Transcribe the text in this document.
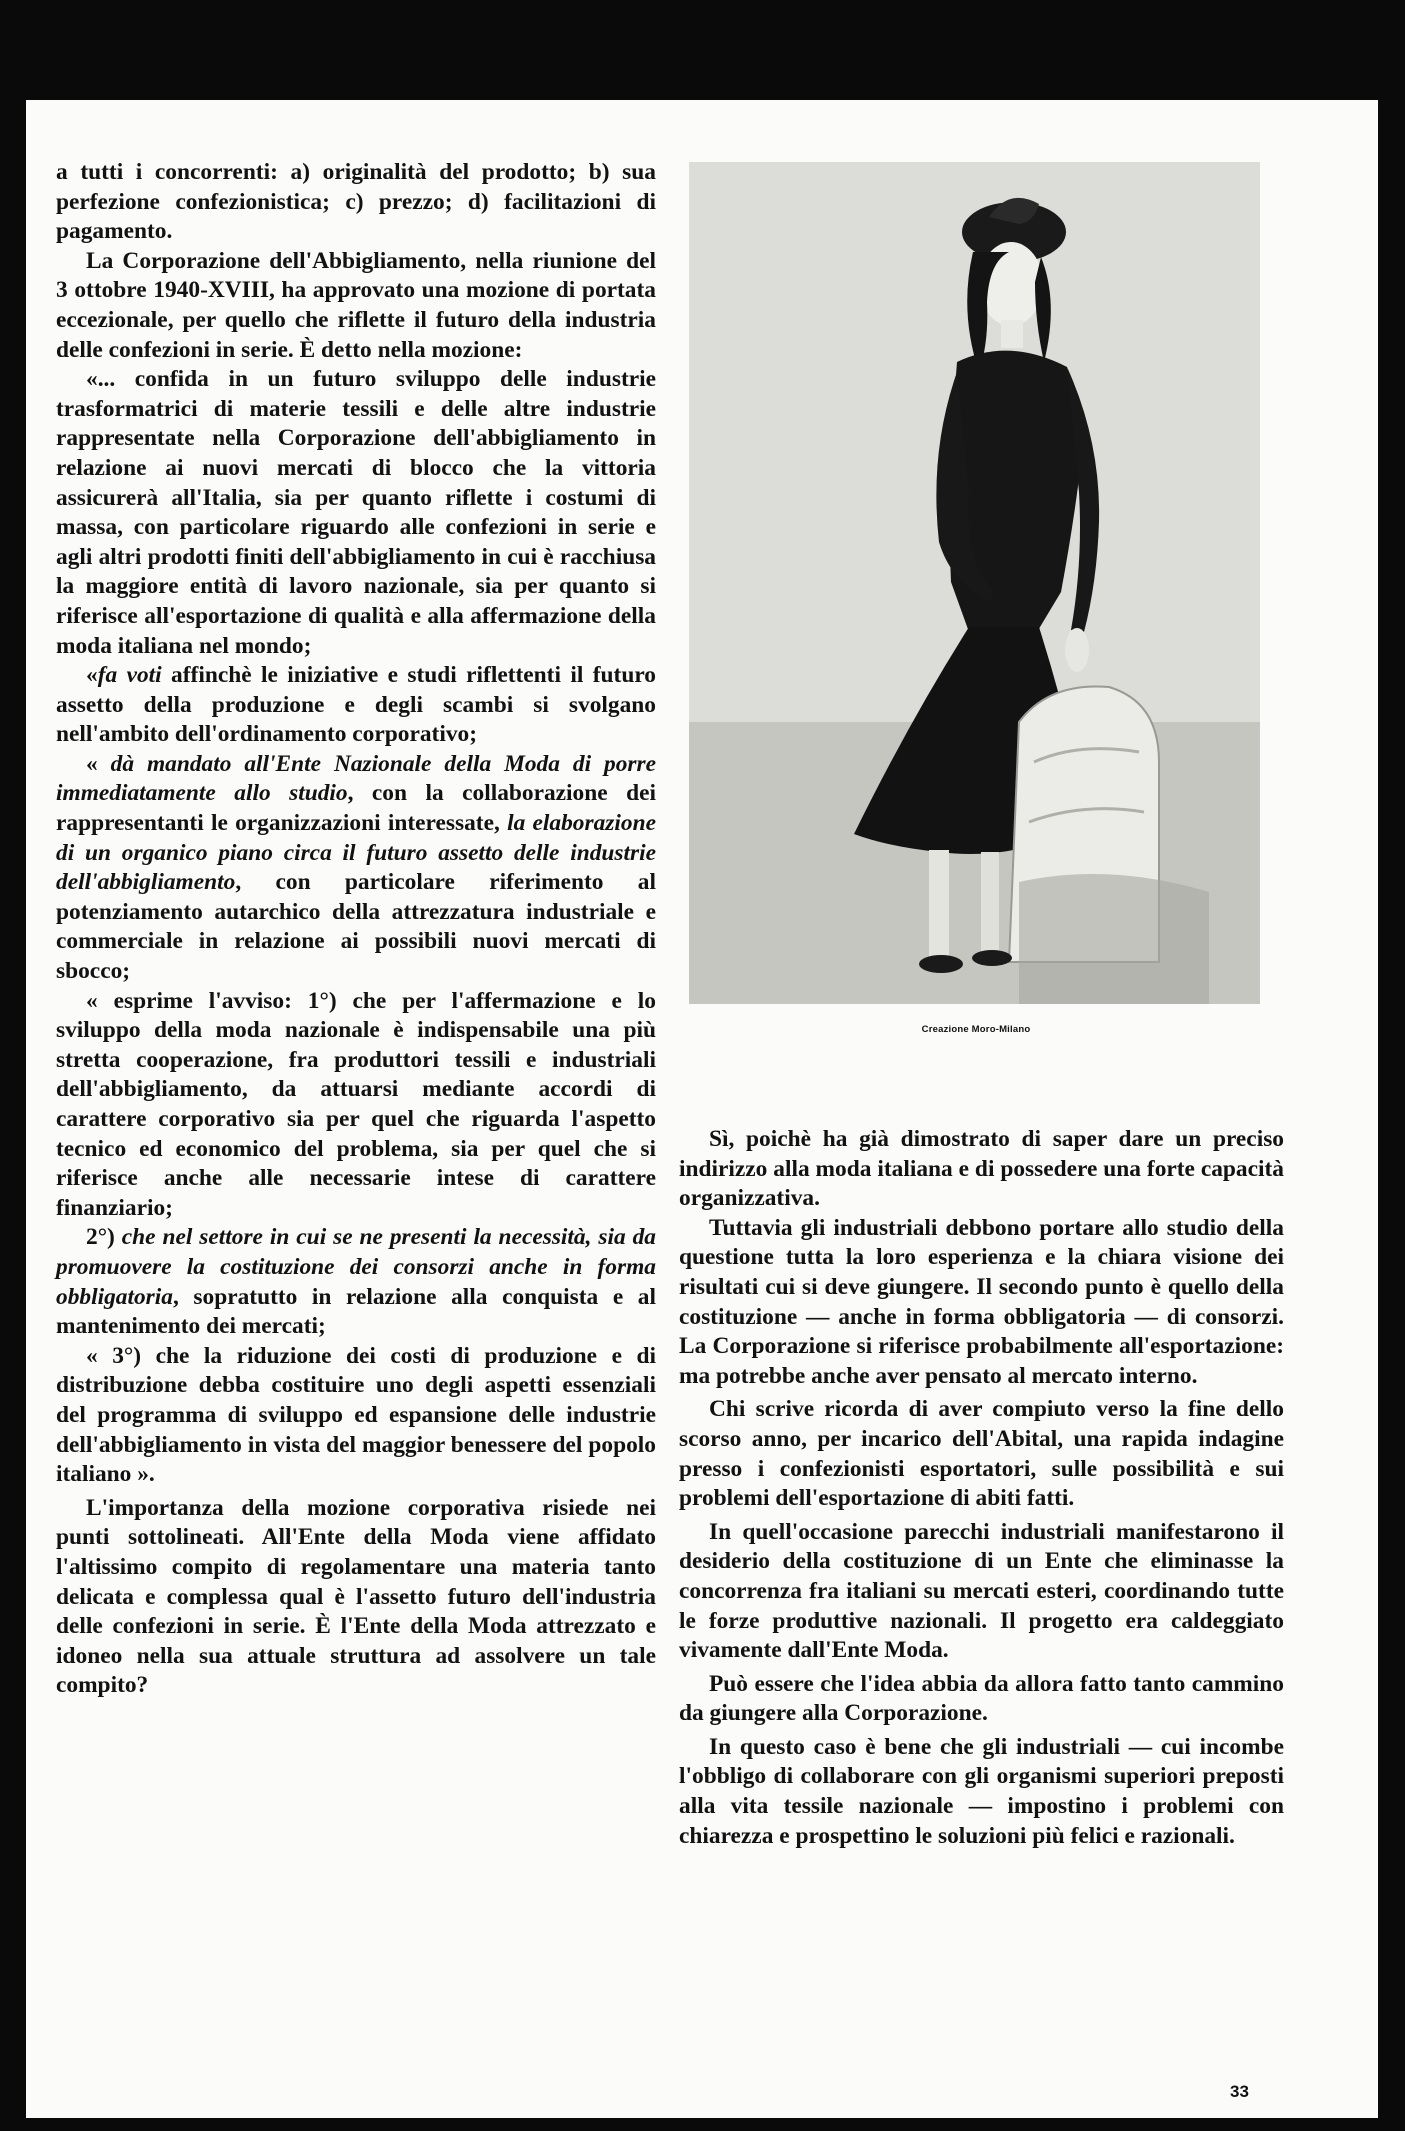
a tutti i concorrenti: a) originalità del prodotto; b) sua perfezione confezionistica; c) prezzo; d) facilitazioni di pagamento.

La Corporazione dell'Abbigliamento, nella riunione del 3 ottobre 1940-XVIII, ha approvato una mozione di portata eccezionale, per quello che riflette il futuro della industria delle confezioni in serie. È detto nella mozione:

«... confida in un futuro sviluppo delle industrie trasformatrici di materie tessili e delle altre industrie rappresentate nella Corporazione dell'abbigliamento in relazione ai nuovi mercati di blocco che la vittoria assicurerà all'Italia, sia per quanto riflette i costumi di massa, con particolare riguardo alle confezioni in serie e agli altri prodotti finiti dell'abbigliamento in cui è racchiusa la maggiore entità di lavoro nazionale, sia per quanto si riferisce all'esportazione di qualità e alla affermazione della moda italiana nel mondo;

«fa voti affinchè le iniziative e studi riflettenti il futuro assetto della produzione e degli scambi si svolgano nell'ambito dell'ordinamento corporativo;

« dà mandato all'Ente Nazionale della Moda di porre immediatamente allo studio, con la collaborazione dei rappresentanti le organizzazioni interessate, la elaborazione di un organico piano circa il futuro assetto delle industrie dell'abbigliamento, con particolare riferimento al potenziamento autarchico della attrezzatura industriale e commerciale in relazione ai possibili nuovi mercati di sbocco;

« esprime l'avviso: 1°) che per l'affermazione e lo sviluppo della moda nazionale è indispensabile una più stretta cooperazione, fra produttori tessili e industriali dell'abbigliamento, da attuarsi mediante accordi di carattere corporativo sia per quel che riguarda l'aspetto tecnico ed economico del problema, sia per quel che si riferisce anche alle necessarie intese di carattere finanziario;

2°) che nel settore in cui se ne presenti la necessità, sia da promuovere la costituzione dei consorzi anche in forma obbligatoria, sopratutto in relazione alla conquista e al mantenimento dei mercati;

« 3°) che la riduzione dei costi di produzione e di distribuzione debba costituire uno degli aspetti essenziali del programma di sviluppo ed espansione delle industrie dell'abbigliamento in vista del maggior benessere del popolo italiano ».

L'importanza della mozione corporativa risiede nei punti sottolineati. All'Ente della Moda viene affidato l'altissimo compito di regolamentare una materia tanto delicata e complessa qual è l'assetto futuro dell'industria delle confezioni in serie. È l'Ente della Moda attrezzato e idoneo nella sua attuale struttura ad assolvere un tale compito?

Creazione Moro-Milano

Sì, poichè ha già dimostrato di saper dare un preciso indirizzo alla moda italiana e di possedere una forte capacità organizzativa.

Tuttavia gli industriali debbono portare allo studio della questione tutta la loro esperienza e la chiara visione dei risultati cui si deve giungere. Il secondo punto è quello della costituzione — anche in forma obbligatoria — di consorzi. La Corporazione si riferisce probabilmente all'esportazione: ma potrebbe anche aver pensato al mercato interno.

Chi scrive ricorda di aver compiuto verso la fine dello scorso anno, per incarico dell'Abital, una rapida indagine presso i confezionisti esportatori, sulle possibilità e sui problemi dell'esportazione di abiti fatti.

In quell'occasione parecchi industriali manifestarono il desiderio della costituzione di un Ente che eliminasse la concorrenza fra italiani su mercati esteri, coordinando tutte le forze produttive nazionali. Il progetto era caldeggiato vivamente dall'Ente Moda.

Può essere che l'idea abbia da allora fatto tanto cammino da giungere alla Corporazione.

In questo caso è bene che gli industriali — cui incombe l'obbligo di collaborare con gli organismi superiori preposti alla vita tessile nazionale — impostino i problemi con chiarezza e prospettino le soluzioni più felici e razionali.

33
